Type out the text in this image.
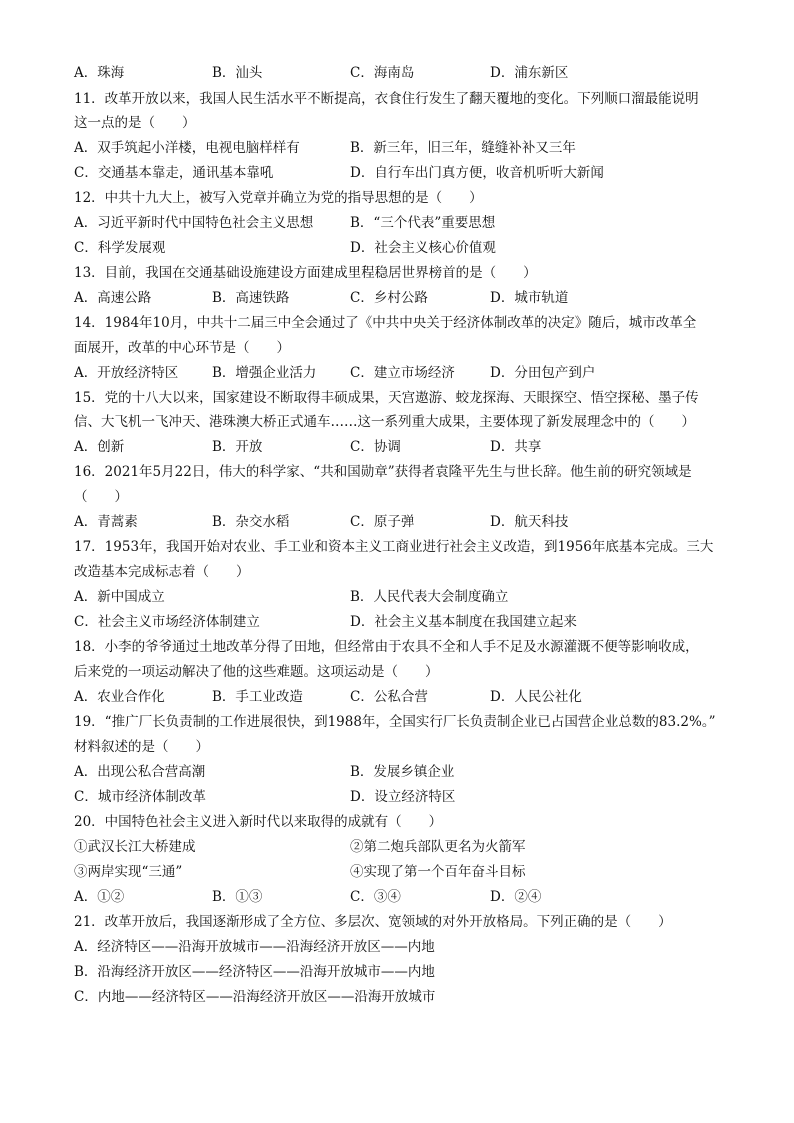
A．珠海	B．汕头	C．海南岛	D．浦东新区
11．改革开放以来，我国人民生活水平不断提高，衣食住行发生了翻天覆地的变化。下列顺口溜最能说明
这一点的是（　　）
A．双手筑起小洋楼，电视电脑样样有	B．新三年，旧三年，缝缝补补又三年
C．交通基本靠走，通讯基本靠吼	D．自行车出门真方便，收音机听听大新闻
12．中共十九大上，被写入党章并确立为党的指导思想的是（　　）
A．习近平新时代中国特色社会主义思想	B．“三个代表”重要思想
C．科学发展观	D．社会主义核心价值观
13．目前，我国在交通基础设施建设方面建成里程稳居世界榜首的是（　　）
A．高速公路	B．高速铁路	C．乡村公路	D．城市轨道
14．1984年10月，中共十二届三中全会通过了《中共中央关于经济体制改革的决定》随后，城市改革全
面展开，改革的中心环节是（　　）
A．开放经济特区	B．增强企业活力 C．建立市场经济	D．分田包产到户
15．党的十八大以来，国家建设不断取得丰硕成果，天宫遨游、蛟龙探海、天眼探空、悟空探秘、墨子传
信、大飞机一飞冲天、港珠澳大桥正式通车……这一系列重大成果，主要体现了新发展理念中的（　　）
A．创新	B．开放	C．协调	D．共享
16．2021年5月22日，伟大的科学家、“共和国勋章”获得者袁隆平先生与世长辞。他生前的研究领域是
（　　）
A．青蒿素	B．杂交水稻	C．原子弹	D．航天科技
17．1953年，我国开始对农业、手工业和资本主义工商业进行社会主义改造，到1956年底基本完成。三大
改造基本完成标志着（　　）
A．新中国成立	B．人民代表大会制度确立
C．社会主义市场经济体制建立	D．社会主义基本制度在我国建立起来
18．小李的爷爷通过土地改革分得了田地，但经常由于农具不全和人手不足及水源灌溉不便等影响收成，
后来党的一项运动解决了他的这些难题。这项运动是（　　）
A．农业合作化	B．手工业改造	C．公私合营	D．人民公社化
19．“推广厂长负责制的工作进展很快，到1988年，全国实行厂长负责制企业已占国营企业总数的83.2%。”
材料叙述的是（　　）
A．出现公私合营高潮	B．发展乡镇企业
C．城市经济体制改革	D．设立经济特区
20．中国特色社会主义进入新时代以来取得的成就有（　　）
①武汉长江大桥建成	②第二炮兵部队更名为火箭军
③两岸实现“三通”	④实现了第一个百年奋斗目标
A．①②	B．①③	C．③④	D．②④
21．改革开放后，我国逐渐形成了全方位、多层次、宽领域的对外开放格局。下列正确的是（　　）
A．经济特区——沿海开放城市——沿海经济开放区——内地
B．沿海经济开放区——经济特区——沿海开放城市——内地
C．内地——经济特区——沿海经济开放区——沿海开放城市
